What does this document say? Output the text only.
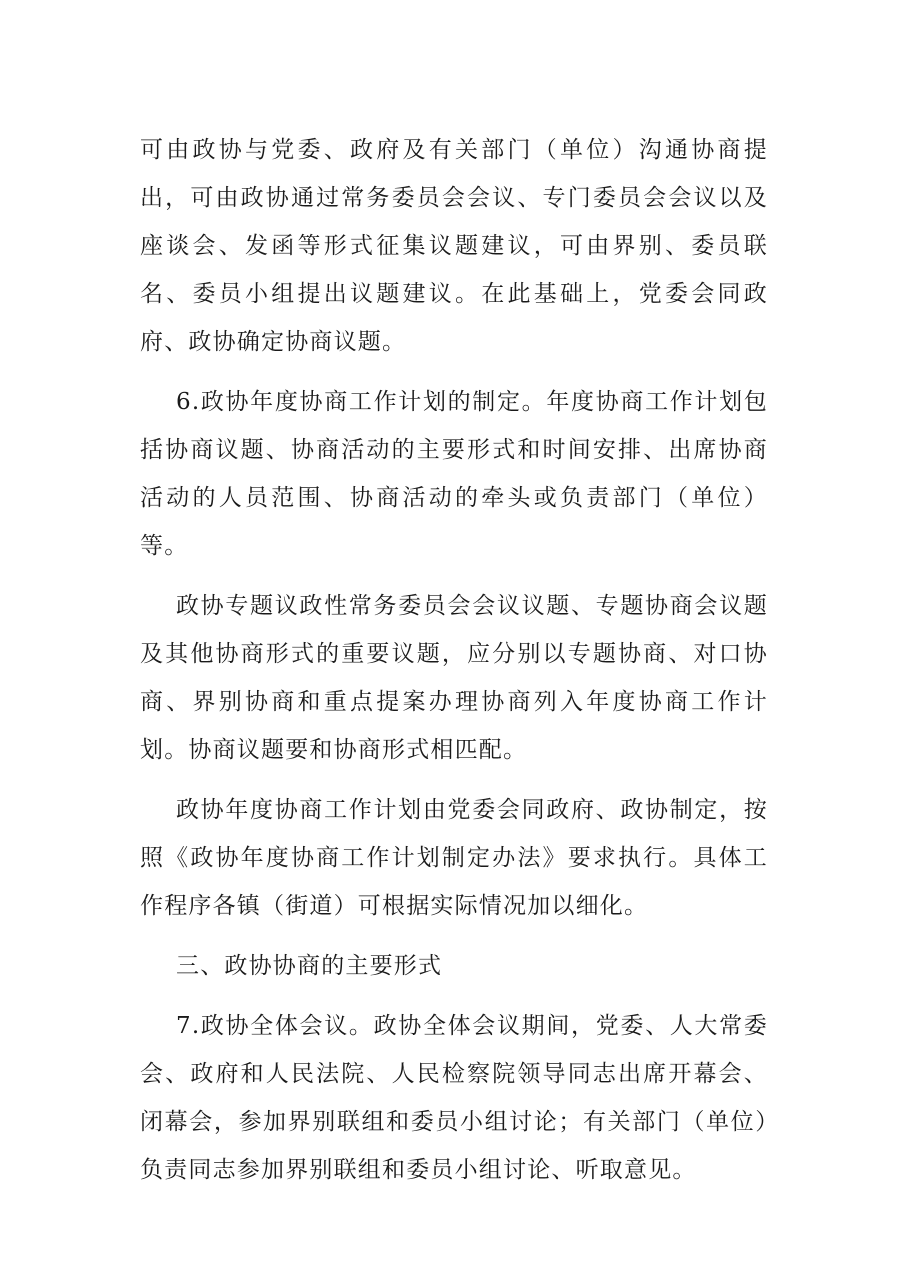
可由政协与党委、政府及有关部门（单位）沟通协商提出，可由政协通过常务委员会会议、专门委员会会议以及座谈会、发函等形式征集议题建议，可由界别、委员联名、委员小组提出议题建议。在此基础上，党委会同政府、政协确定协商议题。

6.政协年度协商工作计划的制定。年度协商工作计划包括协商议题、协商活动的主要形式和时间安排、出席协商活动的人员范围、协商活动的牵头或负责部门（单位）等。

政协专题议政性常务委员会会议议题、专题协商会议题及其他协商形式的重要议题，应分别以专题协商、对口协商、界别协商和重点提案办理协商列入年度协商工作计划。协商议题要和协商形式相匹配。

政协年度协商工作计划由党委会同政府、政协制定，按照《政协年度协商工作计划制定办法》要求执行。具体工作程序各镇（街道）可根据实际情况加以细化。

三、政协协商的主要形式

7.政协全体会议。政协全体会议期间，党委、人大常委会、政府和人民法院、人民检察院领导同志出席开幕会、闭幕会，参加界别联组和委员小组讨论；有关部门（单位）负责同志参加界别联组和委员小组讨论、听取意见。
